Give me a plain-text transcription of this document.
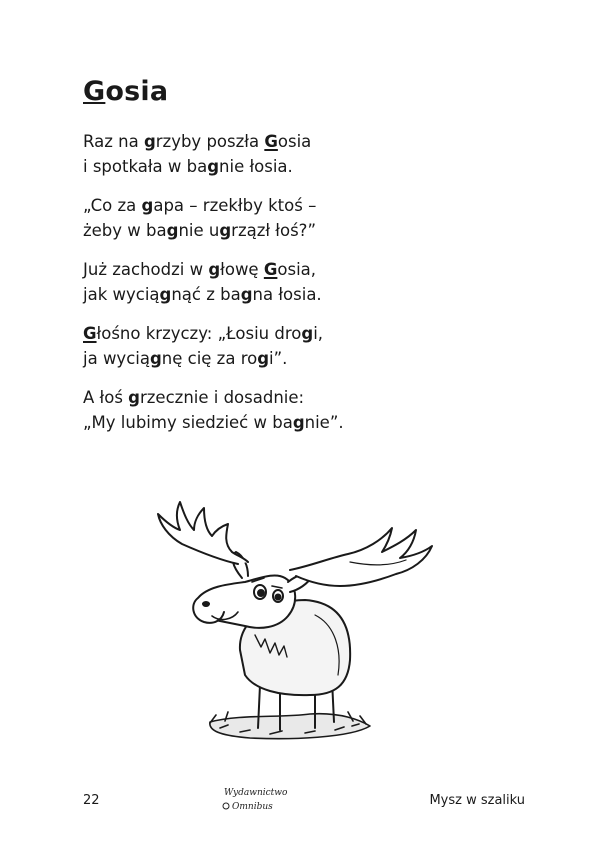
Gosia
Raz na grzyby poszła Gosia
i spotkała w bagnie łosia.
„Co za gapa – rzekłby ktoś –
żeby w bagnie ugrzązł łoś?”
Już zachodzi w głowę Gosia,
jak wyciągnąć z bagna łosia.
Głośno krzyczy: „Łosiu drogi,
ja wyciągnę cię za rogi”.
A łoś grzecznie i dosadnie:
„My lubimy siedzieć w bagnie”.
22	Wydawnictwo
Omnibus	Mysz w szaliku
